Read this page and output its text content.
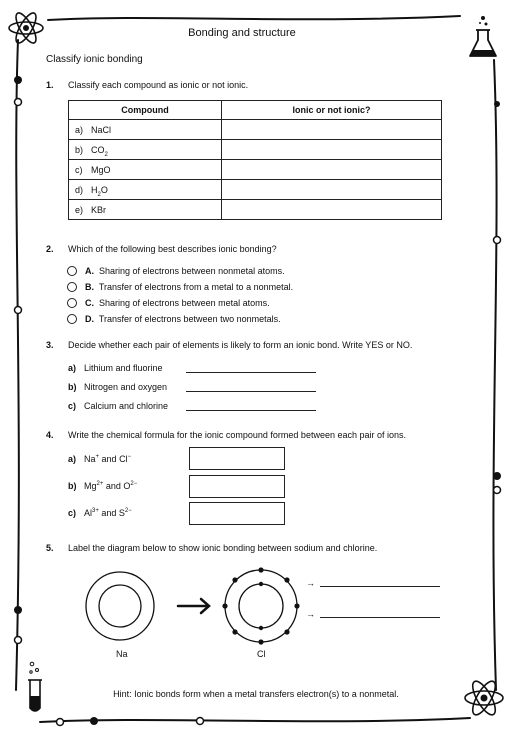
Bonding and structure
Classify ionic bonding
1. Classify each compound as ionic or not ionic.
Compound	Ionic or not ionic?
a) NaCl	
b) $CO_2$	
c) MgO	
d) $H_2O$	
e) KBr	
2. Which of the following best describes ionic bonding?
A. Sharing of electrons between nonmetal atoms.
B. Transfer of electrons from a metal to a nonmetal.
C. Sharing of electrons between metal atoms.
D. Transfer of electrons between two nonmetals.
3. Decide whether each pair of elements is likely to form an ionic bond. Write YES or NO.
a) Lithium and fluorine
b) Nitrogen and oxygen
c) Calcium and chlorine
4. Write the chemical formula for the ionic compound formed between each pair of ions.
a) Na+ and Cl−
b) $Mg^{2+}$ and $O^{2-}$
c) $Al^{3+}$ and $S^{2-}$
5. Label the diagram below to show ionic bonding between sodium and chlorine.
Na	Cl
→
→
Hint: Ionic bonds form when a metal transfers electron(s) to a nonmetal.
